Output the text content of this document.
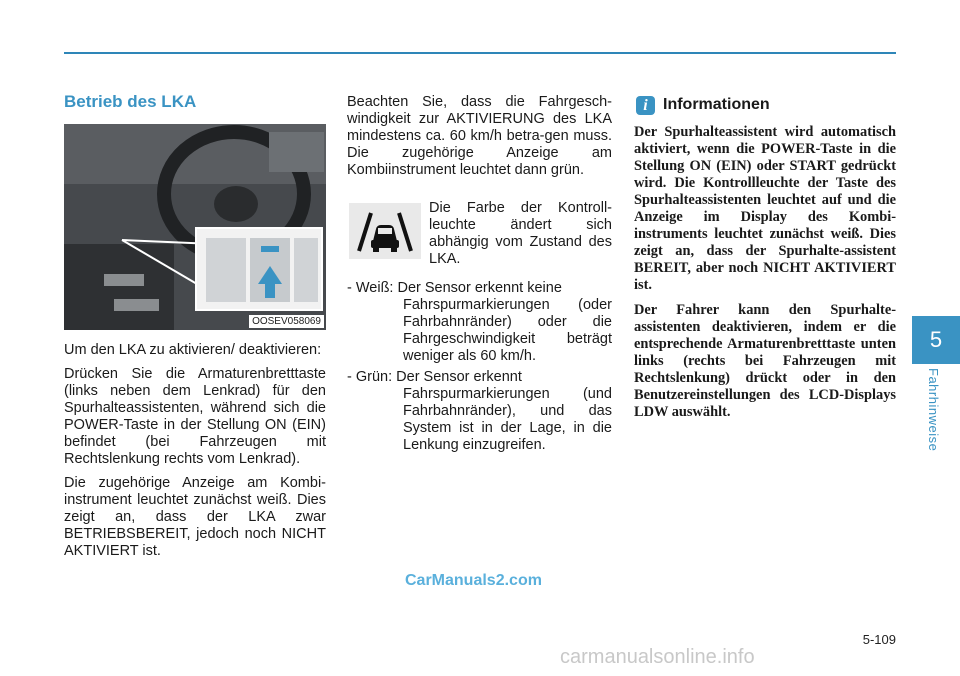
Betrieb des LKA
OOSEV058069

Um den LKA zu aktivieren/ deaktivieren:

Drücken Sie die Armaturenbretttaste (links neben dem Lenkrad) für den Spurhalteassistenten, während sich die POWER-Taste in der Stellung ON (EIN) befindet (bei Fahrzeugen mit Rechtslenkung rechts vom Lenkrad).

Die zugehörige Anzeige am Kombi-instrument leuchtet zunächst weiß. Dies zeigt an, dass der LKA zwar BETRIEBSBEREIT, jedoch noch NICHT AKTIVIERT ist.

Beachten Sie, dass die Fahrgesch-windigkeit zur AKTIVIERUNG des LKA mindestens ca. 60 km/h betra-gen muss. Die zugehörige Anzeige am Kombiinstrument leuchtet dann grün.

Die Farbe der Kontroll-leuchte ändert sich abhängig vom Zustand des LKA.

- Weiß: Der Sensor erkennt keine
Fahrspurmarkierungen (oder Fahrbahnränder) oder die Fahrgeschwindigkeit beträgt weniger als 60 km/h.
- Grün: Der Sensor erkennt
Fahrspurmarkierungen (und Fahrbahnränder), und das System ist in der Lage, in die Lenkung einzugreifen.
i Informationen

Der Spurhalteassistent wird automatisch aktiviert, wenn die POWER-Taste in die Stellung ON (EIN) oder START gedrückt wird. Die Kontrollleuchte der Taste des Spurhalteassistenten leuchtet auf und die Anzeige im Display des Kombi-instruments leuchtet zunächst weiß. Dies zeigt an, dass der Spurhalte-assistent BEREIT, aber noch NICHT AKTIVIERT ist.

Der Fahrer kann den Spurhalte-assistenten deaktivieren, indem er die entsprechende Armaturenbretttaste unten links (rechts bei Fahrzeugen mit Rechtslenkung) drückt oder in den Benutzereinstellungen des LCD-Displays LDW auswählt.

5
Fahrhinweise
5-109
CarManuals2.com
carmanualsonline.info
